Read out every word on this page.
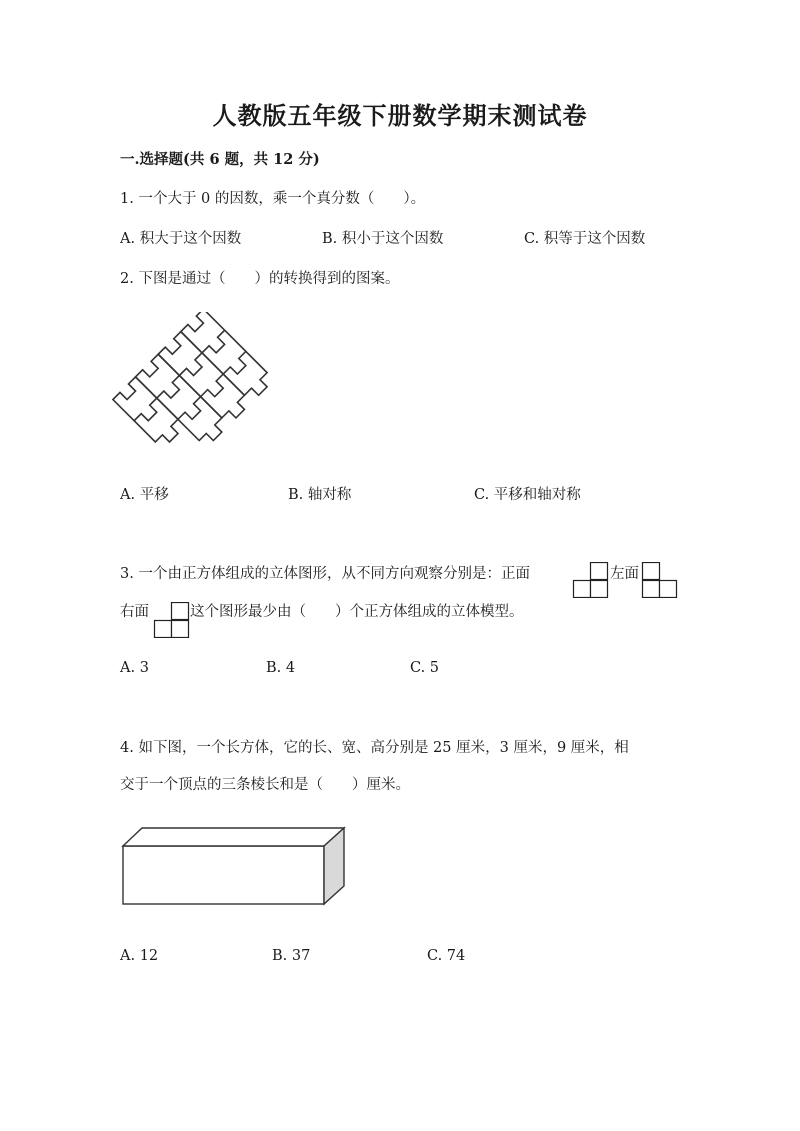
人教版五年级下册数学期末测试卷
一.选择题(共 6 题，共 12 分)
1. 一个大于 0 的因数，乘一个真分数（　　）。
A. 积大于这个因数	B. 积小于这个因数	C. 积等于这个因数
2. 下图是通过（　　）的转换得到的图案。
A. 平移	B. 轴对称	C. 平移和轴对称
3. 一个由正方体组成的立体图形，从不同方向观察分别是：正面	左面
右面	这个图形最少由（　　）个正方体组成的立体模型。
A. 3	B. 4	C. 5
4. 如下图，一个长方体，它的长、宽、高分别是 25 厘米，3 厘米，9 厘米，相
交于一个顶点的三条棱长和是（　　）厘米。
A. 12	B. 37	C. 74
